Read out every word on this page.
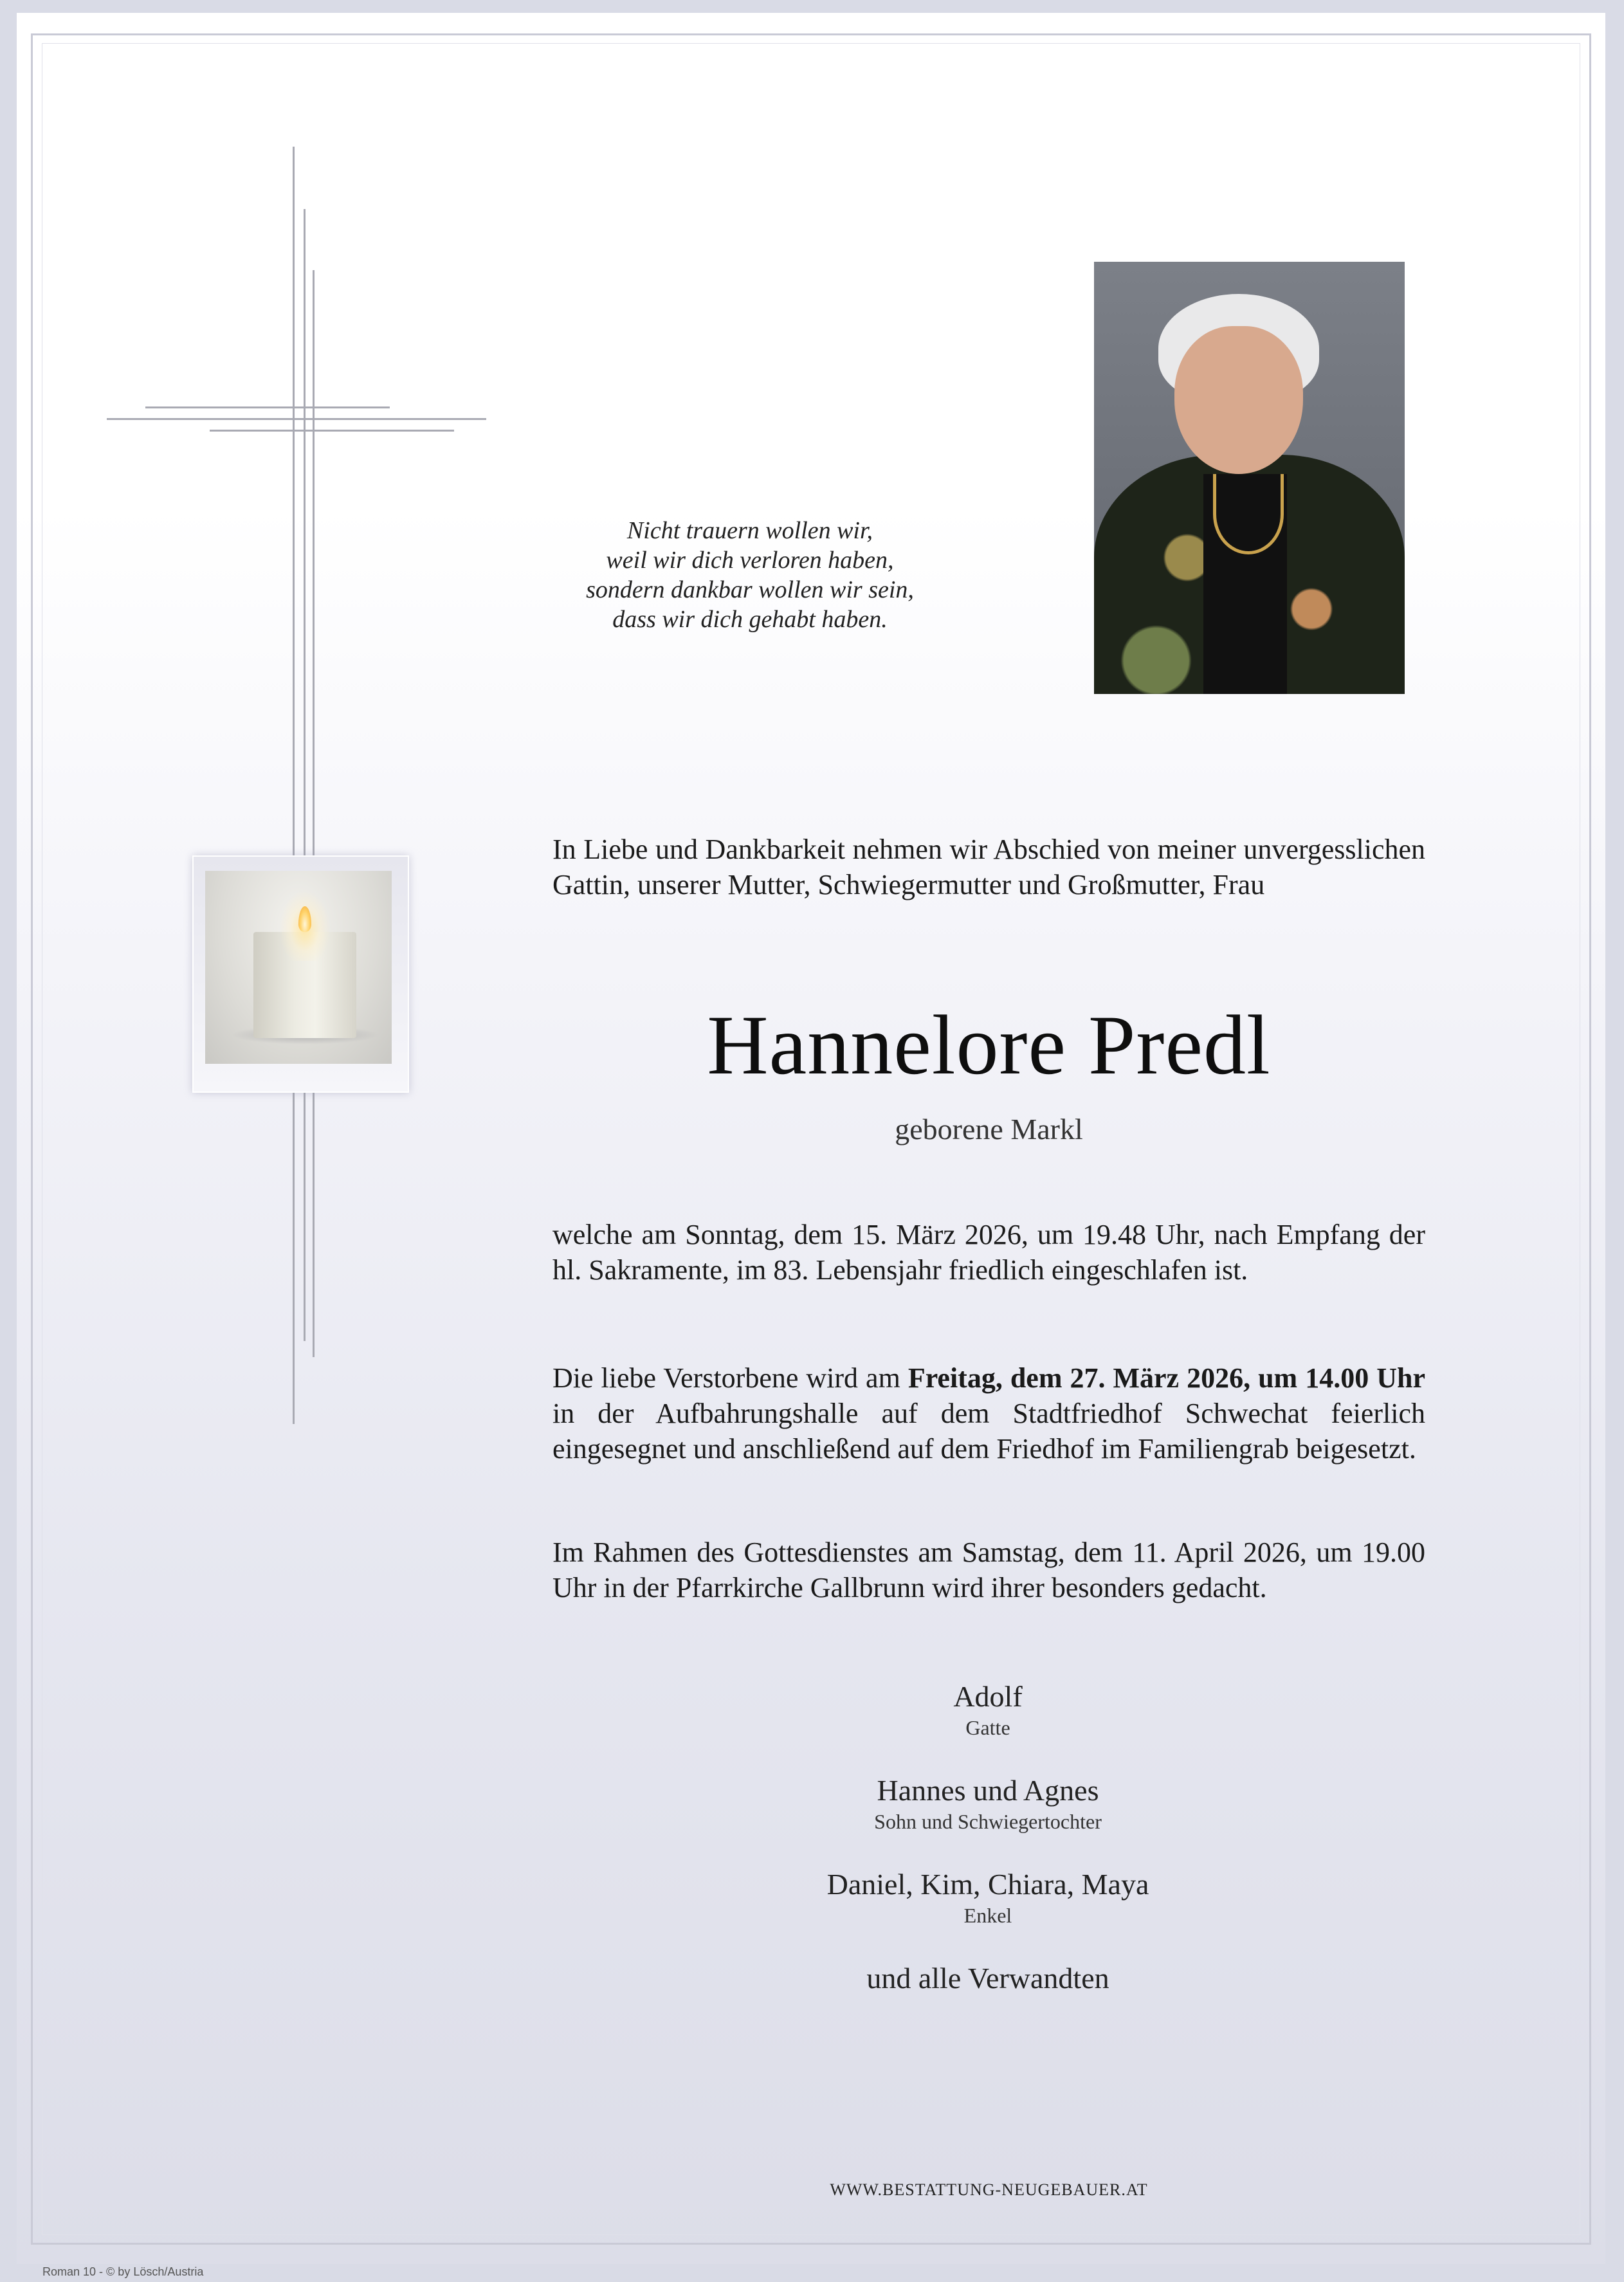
Nicht trauern wollen wir,
weil wir dich verloren haben,
sondern dankbar wollen wir sein,
dass wir dich gehabt haben.
In Liebe und Dankbarkeit nehmen wir Abschied von meiner unvergesslichen Gattin, unserer Mutter, Schwiegermutter und Großmutter, Frau
Hannelore Predl
geborene Markl
welche am Sonntag, dem 15. März 2026, um 19.48 Uhr, nach Empfang der hl. Sakramente, im 83. Lebensjahr friedlich eingeschlafen ist.
Die liebe Verstorbene wird am Freitag, dem 27. März 2026, um 14.00 Uhr in der Aufbahrungshalle auf dem Stadtfriedhof Schwechat feierlich eingesegnet und anschließend auf dem Friedhof im Familiengrab beigesetzt.
Im Rahmen des Gottesdienstes am Samstag, dem 11. April 2026, um 19.00 Uhr in der Pfarrkirche Gallbrunn wird ihrer besonders gedacht.
Adolf
Gatte
Hannes und Agnes
Sohn und Schwiegertochter
Daniel, Kim, Chiara, Maya
Enkel
und alle Verwandten
WWW.BESTATTUNG-NEUGEBAUER.AT
Roman 10 - © by Lösch/Austria
